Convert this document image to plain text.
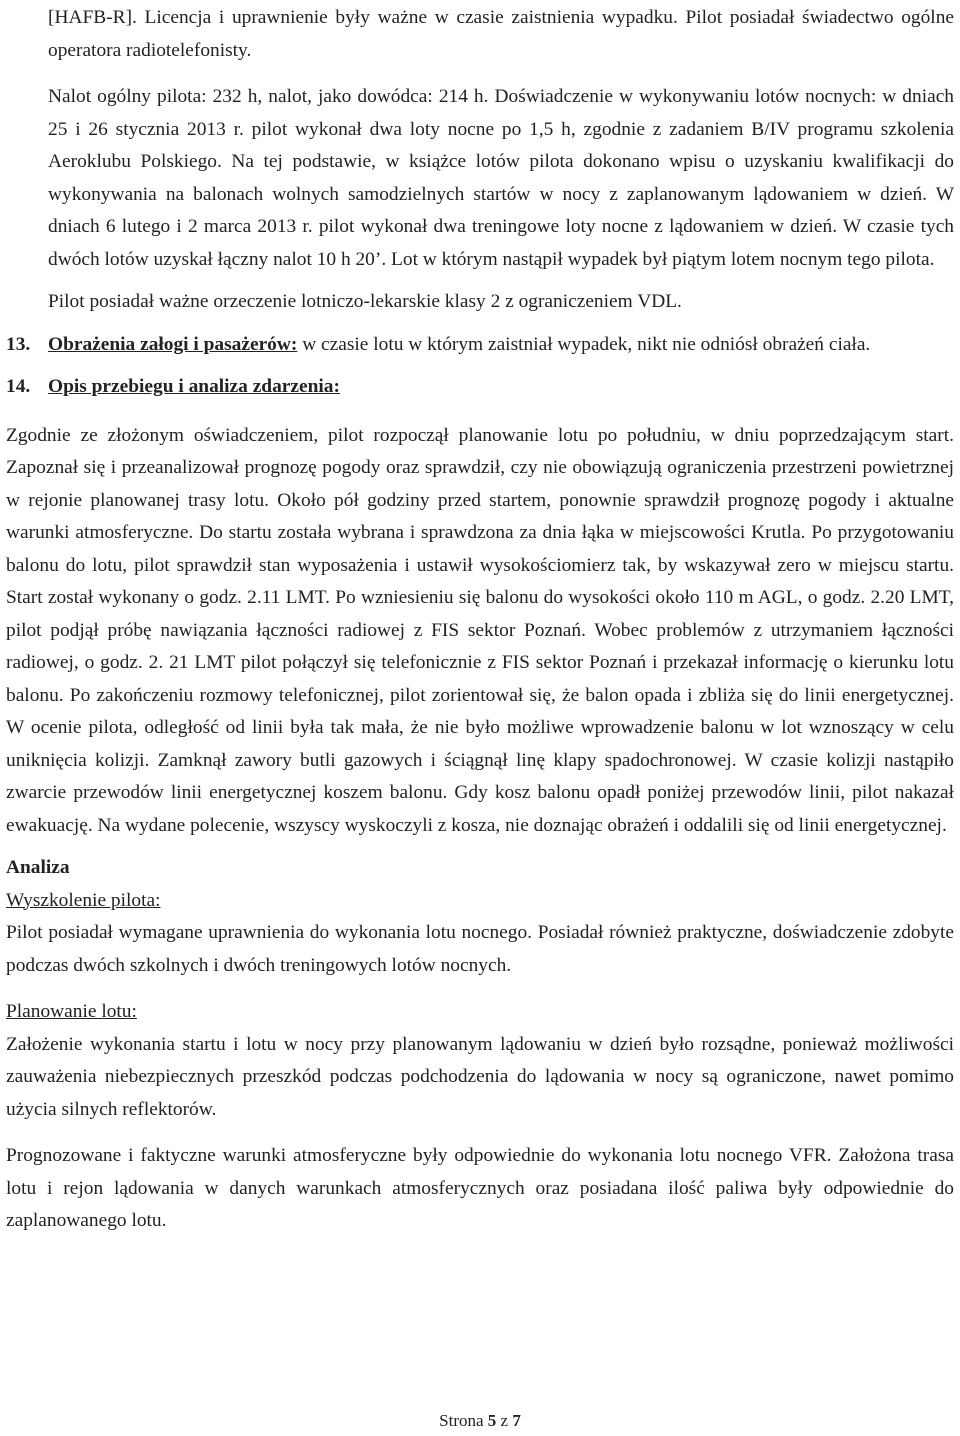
[HAFB-R]. Licencja i uprawnienie były ważne w czasie zaistnienia wypadku. Pilot posiadał świadectwo ogólne operatora radiotelefonisty.

Nalot ogólny pilota: 232 h, nalot, jako dowódca: 214 h. Doświadczenie w wykonywaniu lotów nocnych: w dniach 25 i 26 stycznia 2013 r. pilot wykonał dwa loty nocne po 1,5 h, zgodnie z zadaniem B/IV programu szkolenia Aeroklubu Polskiego. Na tej podstawie, w książce lotów pilota dokonano wpisu o uzyskaniu kwalifikacji do wykonywania na balonach wolnych samodzielnych startów w nocy z zaplanowanym lądowaniem w dzień. W dniach 6 lutego i 2 marca 2013 r. pilot wykonał dwa treningowe loty nocne z lądowaniem w dzień. W czasie tych dwóch lotów uzyskał łączny nalot 10 h 20’. Lot w którym nastąpił wypadek był piątym lotem nocnym tego pilota.

Pilot posiadał ważne orzeczenie lotniczo-lekarskie klasy 2 z ograniczeniem VDL.

13. Obrażenia załogi i pasażerów: w czasie lotu w którym zaistniał wypadek, nikt nie odniósł obrażeń ciała.

14. Opis przebiegu i analiza zdarzenia:

Zgodnie ze złożonym oświadczeniem, pilot rozpoczął planowanie lotu po południu, w dniu poprzedzającym start. Zapoznał się i przeanalizował prognozę pogody oraz sprawdził, czy nie obowiązują ograniczenia przestrzeni powietrznej w rejonie planowanej trasy lotu. Około pół godziny przed startem, ponownie sprawdził prognozę pogody i aktualne warunki atmosferyczne. Do startu została wybrana i sprawdzona za dnia łąka w miejscowości Krutla. Po przygotowaniu balonu do lotu, pilot sprawdził stan wyposażenia i ustawił wysokościomierz tak, by wskazywał zero w miejscu startu. Start został wykonany o godz. 2.11 LMT. Po wzniesieniu się balonu do wysokości około 110 m AGL, o godz. 2.20 LMT, pilot podjął próbę nawiązania łączności radiowej z FIS sektor Poznań. Wobec problemów z utrzymaniem łączności radiowej, o godz. 2. 21 LMT pilot połączył się telefonicznie z FIS sektor Poznań i przekazał informację o kierunku lotu balonu. Po zakończeniu rozmowy telefonicznej, pilot zorientował się, że balon opada i zbliża się do linii energetycznej. W ocenie pilota, odległość od linii była tak mała, że nie było możliwe wprowadzenie balonu w lot wznoszący w celu uniknięcia kolizji. Zamknął zawory butli gazowych i ściągnął linę klapy spadochronowej. W czasie kolizji nastąpiło zwarcie przewodów linii energetycznej koszem balonu. Gdy kosz balonu opadł poniżej przewodów linii, pilot nakazał ewakuację. Na wydane polecenie, wszyscy wyskoczyli z kosza, nie doznając obrażeń i oddalili się od linii energetycznej.

Analiza

Wyszkolenie pilota:

Pilot posiadał wymagane uprawnienia do wykonania lotu nocnego. Posiadał również praktyczne, doświadczenie zdobyte podczas dwóch szkolnych i dwóch treningowych lotów nocnych.

Planowanie lotu:

Założenie wykonania startu i lotu w nocy przy planowanym lądowaniu w dzień było rozsądne, ponieważ możliwości zauważenia niebezpiecznych przeszkód podczas podchodzenia do lądowania w nocy są ograniczone, nawet pomimo użycia silnych reflektorów.

Prognozowane i faktyczne warunki atmosferyczne były odpowiednie do wykonania lotu nocnego VFR. Założona trasa lotu i rejon lądowania w danych warunkach atmosferycznych oraz posiadana ilość paliwa były odpowiednie do zaplanowanego lotu.

Strona 5 z 7
